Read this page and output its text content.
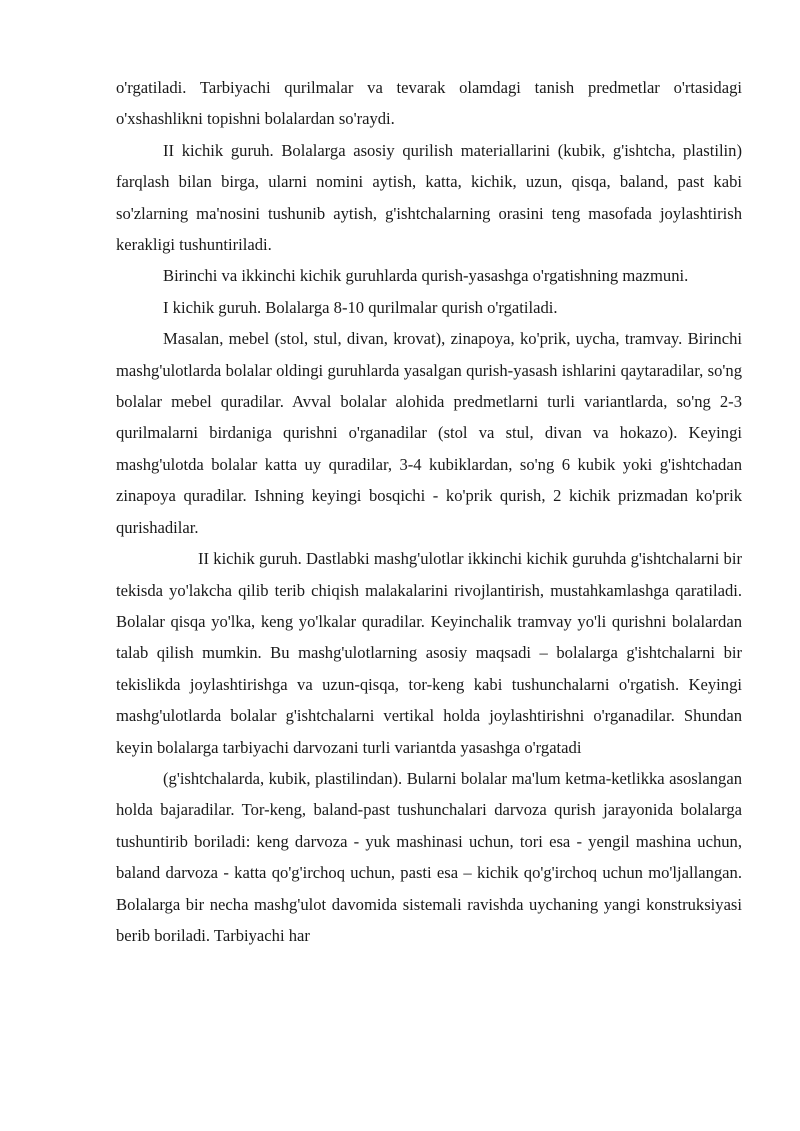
o'rgatiladi. Tarbiyachi qurilmalar va tevarak olamdagi tanish predmetlar o'rtasidagi o'xshashlikni topishni bolalardan so'raydi.

II kichik guruh. Bolalarga asosiy qurilish materiallarini (kubik, g'ishtcha, plastilin) farqlash bilan birga, ularni nomini aytish, katta, kichik, uzun, qisqa, baland, past kabi so'zlarning ma'nosini tushunib aytish, g'ishtchalarning orasini teng masofada joylashtirish kerakligi tushuntiriladi.

Birinchi va ikkinchi kichik guruhlarda qurish-yasashga o'rgatishning mazmuni.

I kichik guruh. Bolalarga 8-10 qurilmalar qurish o'rgatiladi.

Masalan, mebel (stol, stul, divan, krovat), zinapoya, ko'prik, uycha, tramvay. Birinchi mashg'ulotlarda bolalar oldingi guruhlarda yasalgan qurish-yasash ishlarini qaytaradilar, so'ng bolalar mebel quradilar. Avval bolalar alohida predmetlarni turli variantlarda, so'ng 2-3 qurilmalarni birdaniga qurishni o'rganadilar (stol va stul, divan va hokazo). Keyingi mashg'ulotda bolalar katta uy quradilar, 3-4 kubiklardan, so'ng 6 kubik yoki g'ishtchadan zinapoya quradilar. Ishning keyingi bosqichi - ko'prik qurish, 2 kichik prizmadan ko'prik qurishadilar.

II kichik guruh. Dastlabki mashg'ulotlar ikkinchi kichik guruhda g'ishtchalarni bir tekisda yo'lakcha qilib terib chiqish malakalarini rivojlantirish, mustahkamlashga qaratiladi. Bolalar qisqa yo'lka, keng yo'lkalar quradilar. Keyinchalik tramvay yo'li qurishni bolalardan talab qilish mumkin. Bu mashg'ulotlarning asosiy maqsadi – bolalarga g'ishtchalarni bir tekislikda joylashtirishga va uzun-qisqa, tor-keng kabi tushunchalarni o'rgatish. Keyingi mashg'ulotlarda bolalar g'ishtchalarni vertikal holda joylashtirishni o'rganadilar. Shundan keyin bolalarga tarbiyachi darvozani turli variantda yasashga o'rgatadi

(g'ishtchalarda, kubik, plastilindan). Bularni bolalar ma'lum ketma-ketlikka asoslangan holda bajaradilar. Tor-keng, baland-past tushunchalari darvoza qurish jarayonida bolalarga tushuntirib boriladi: keng darvoza - yuk mashinasi uchun, tori esa - yengil mashina uchun, baland darvoza - katta qo'g'irchoq uchun, pasti esa – kichik qo'g'irchoq uchun mo'ljallangan. Bolalarga bir necha mashg'ulot davomida sistemali ravishda uychaning yangi konstruksiyasi berib boriladi. Tarbiyachi har
